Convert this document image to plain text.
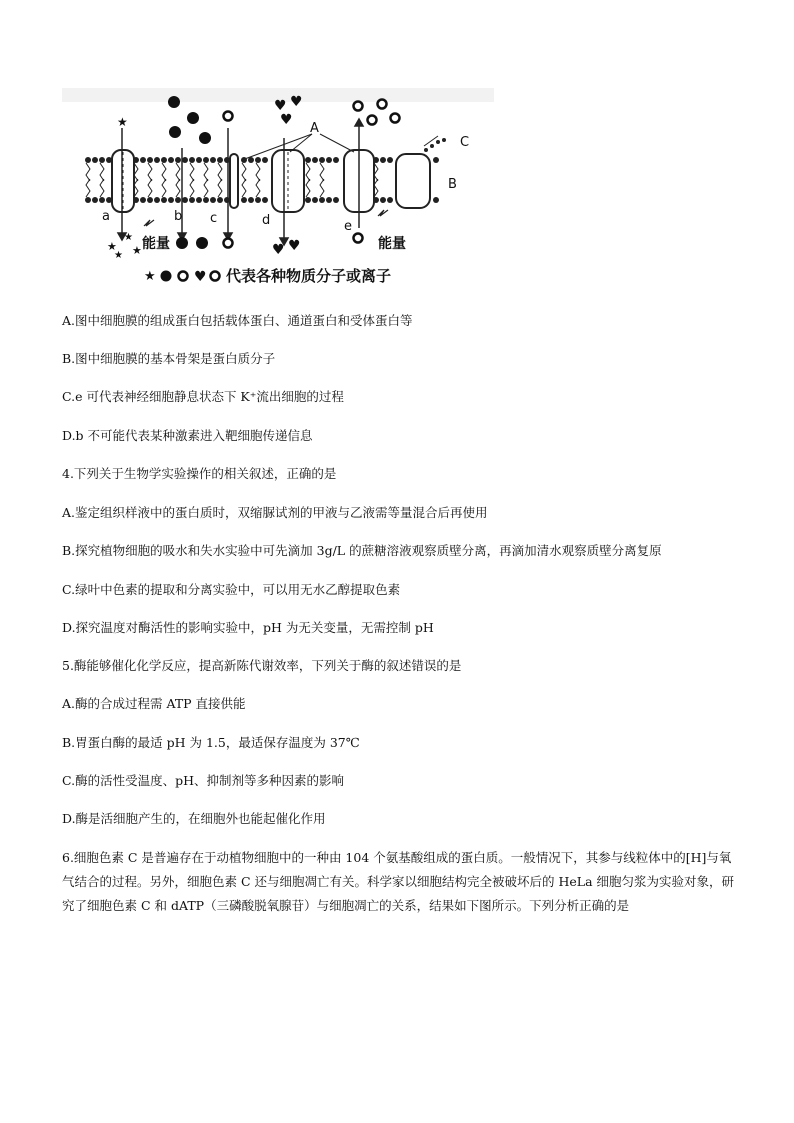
★
★
★
★ ★
♥ ♥
♥
♥ ♥
A
B
C
a	b c	d	e
能量	能量
★	♥ 代表各种物质分子或离子
A.图中细胞膜的组成蛋白包括载体蛋白、通道蛋白和受体蛋白等
B.图中细胞膜的基本骨架是蛋白质分子
C.e 可代表神经细胞静息状态下 K⁺流出细胞的过程
D.b 不可能代表某种激素进入靶细胞传递信息
4.下列关于生物学实验操作的相关叙述，正确的是
A.鉴定组织样液中的蛋白质时，双缩脲试剂的甲液与乙液需等量混合后再使用
B.探究植物细胞的吸水和失水实验中可先滴加 3g/L 的蔗糖溶液观察质壁分离，再滴加清水观察质壁分离复原
C.绿叶中色素的提取和分离实验中，可以用无水乙醇提取色素
D.探究温度对酶活性的影响实验中，pH 为无关变量，无需控制 pH
5.酶能够催化化学反应，提高新陈代谢效率，下列关于酶的叙述错误的是
A.酶的合成过程需 ATP 直接供能
B.胃蛋白酶的最适 pH 为 1.5，最适保存温度为 37℃
C.酶的活性受温度、pH、抑制剂等多种因素的影响
D.酶是活细胞产生的，在细胞外也能起催化作用
6.细胞色素 C 是普遍存在于动植物细胞中的一种由 104 个氨基酸组成的蛋白质。一般情况下，其参与线粒体中的[H]与氧气结合的过程。另外，细胞色素 C 还与细胞凋亡有关。科学家以细胞结构完全被破坏后的 HeLa 细胞匀浆为实验对象，研究了细胞色素 C 和 dATP（三磷酸脱氧腺苷）与细胞凋亡的关系，结果如下图所示。下列分析正确的是
